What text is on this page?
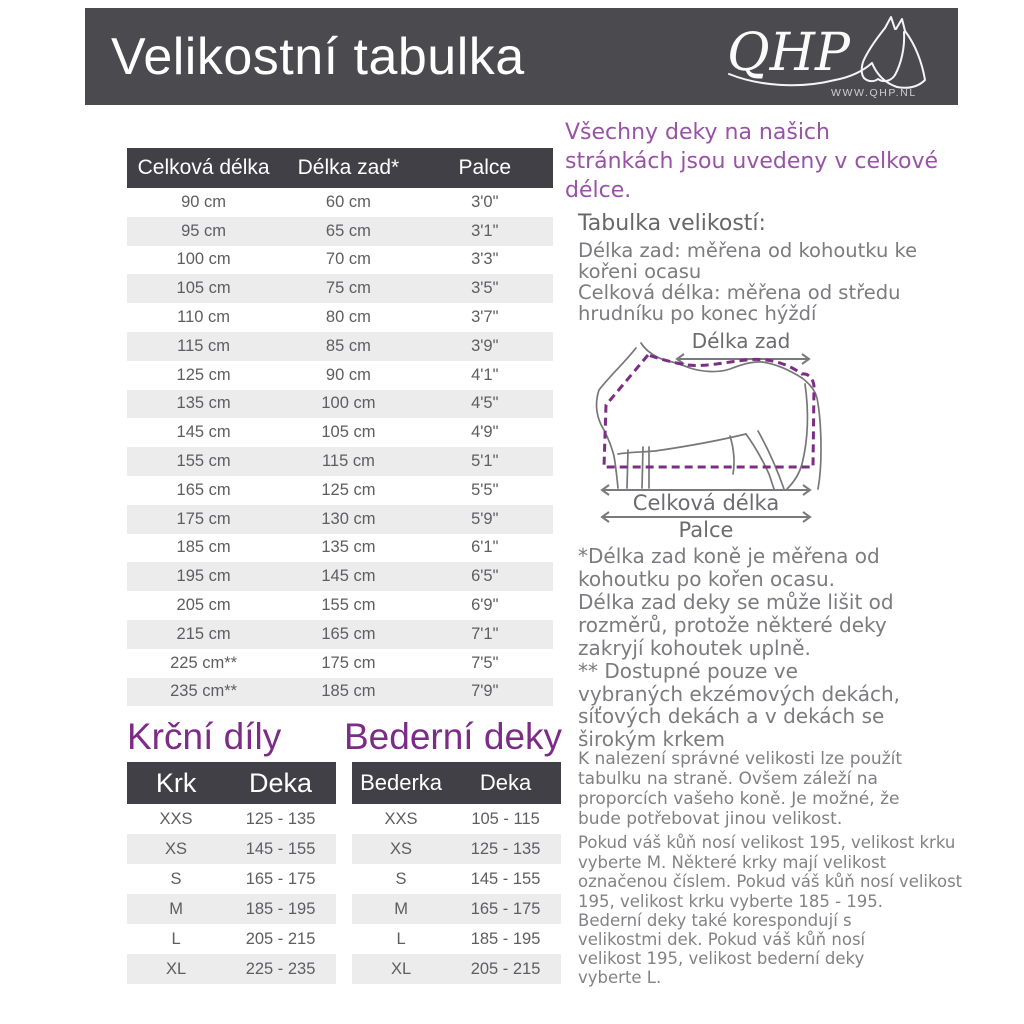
Velikostní tabulka	QHP
WWW.QHP.NL
Celková délka	Délka zad*	Palce
90 cm	60 cm	3'0"
95 cm	65 cm	3'1"
100 cm	70 cm	3'3"
105 cm	75 cm	3'5"
110 cm	80 cm	3'7"
115 cm	85 cm	3'9"
125 cm	90 cm	4'1"
135 cm	100 cm	4'5"
145 cm	105 cm	4'9"
155 cm	115 cm	5'1"
165 cm	125 cm	5'5"
175 cm	130 cm	5'9"
185 cm	135 cm	6'1"
195 cm	145 cm	6'5"
205 cm	155 cm	6'9"
215 cm	165 cm	7'1"
225 cm**	175 cm	7'5"
235 cm**	185 cm	7'9"
Krční díly Bederní deky
Krk	Deka
XXS	125 - 135
XS	145 - 155
S	165 - 175
M	185 - 195
L	205 - 215
XL	225 - 235
Bederka	Deka
XXS	105 - 115
XS	125 - 135
S	145 - 155
M	165 - 175
L	185 - 195
XL	205 - 215
Všechny deky na našich
stránkách jsou uvedeny v celkové
délce.
Tabulka velikostí:
Délka zad: měřena od kohoutku ke
kořeni ocasu
Celková délka: měřena od středu
hrudníku po konec hýždí
Délka zad
Celková délka
Palce
*Délka zad koně je měřena od
kohoutku po kořen ocasu.
Délka zad deky se může lišit od
rozměrů, protože některé deky
zakryjí kohoutek uplně.
** Dostupné pouze ve
vybraných ekzémových dekách,
síťových dekách a v dekách se
širokým krkem
K nalezení správné velikosti lze použít
tabulku na straně. Ovšem záleží na
proporcích vašeho koně. Je možné, že
bude potřebovat jinou velikost.
Pokud váš kůň nosí velikost 195, velikost krku
vyberte M. Některé krky mají velikost
označenou číslem. Pokud váš kůň nosí velikost
195, velikost krku vyberte 185 - 195.
Bederní deky také korespondují s
velikostmi dek. Pokud váš kůň nosí
velikost 195, velikost bederní deky
vyberte L.
